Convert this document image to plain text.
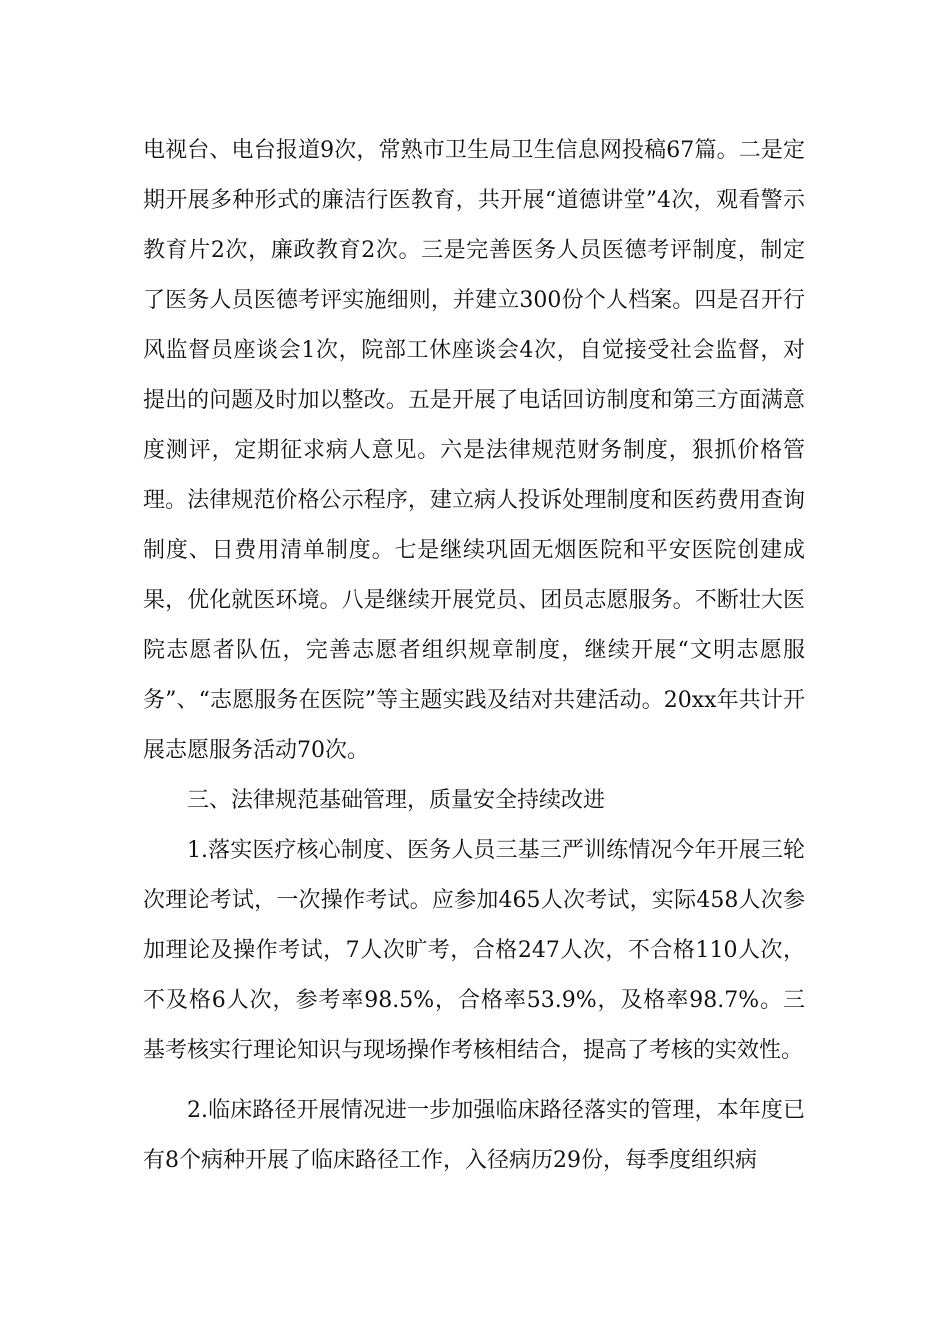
电视台、电台报道9次，常熟市卫生局卫生信息网投稿67篇。二是定期开展多种形式的廉洁行医教育，共开展“道德讲堂”4次，观看警示教育片2次，廉政教育2次。三是完善医务人员医德考评制度，制定了医务人员医德考评实施细则，并建立300份个人档案。四是召开行风监督员座谈会1次，院部工休座谈会4次，自觉接受社会监督，对提出的问题及时加以整改。五是开展了电话回访制度和第三方面满意度测评，定期征求病人意见。六是法律规范财务制度，狠抓价格管理。法律规范价格公示程序，建立病人投诉处理制度和医药费用查询制度、日费用清单制度。七是继续巩固无烟医院和平安医院创建成果，优化就医环境。八是继续开展党员、团员志愿服务。不断壮大医院志愿者队伍，完善志愿者组织规章制度，继续开展“文明志愿服务”、“志愿服务在医院”等主题实践及结对共建活动。20xx年共计开展志愿服务活动70次。

三、法律规范基础管理，质量安全持续改进

1.落实医疗核心制度、医务人员三基三严训练情况今年开展三轮次理论考试，一次操作考试。应参加465人次考试，实际458人次参加理论及操作考试，7人次旷考，合格247人次，不合格110人次，不及格6人次，参考率98.5%，合格率53.9%，及格率98.7%。三基考核实行理论知识与现场操作考核相结合，提高了考核的实效性。

2.临床路径开展情况进一步加强临床路径落实的管理，本年度已有8个病种开展了临床路径工作，入径病历29份，每季度组织病
